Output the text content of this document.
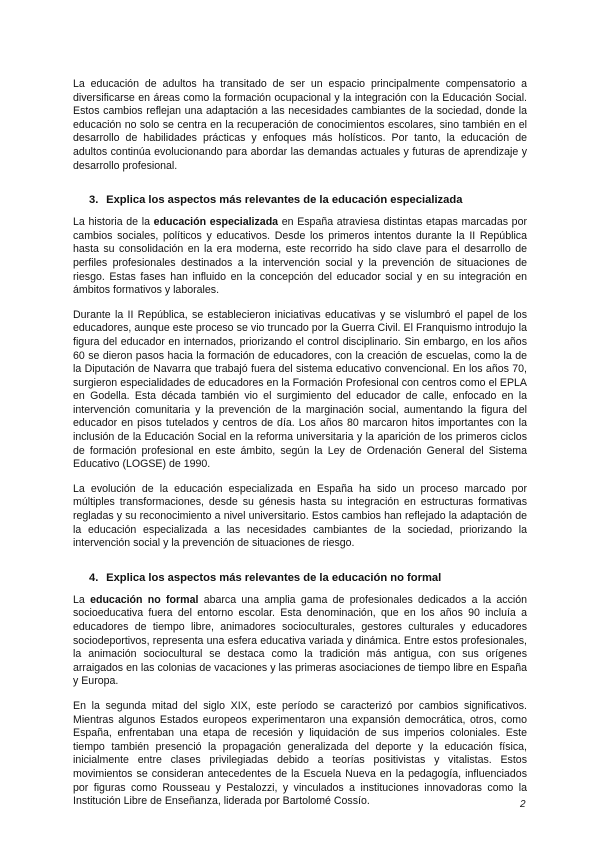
La educación de adultos ha transitado de ser un espacio principalmente compensatorio a diversificarse en áreas como la formación ocupacional y la integración con la Educación Social. Estos cambios reflejan una adaptación a las necesidades cambiantes de la sociedad, donde la educación no solo se centra en la recuperación de conocimientos escolares, sino también en el desarrollo de habilidades prácticas y enfoques más holísticos. Por tanto, la educación de adultos continúa evolucionando para abordar las demandas actuales y futuras de aprendizaje y desarrollo profesional.

3. Explica los aspectos más relevantes de la educación especializada

La historia de la educación especializada en España atraviesa distintas etapas marcadas por cambios sociales, políticos y educativos. Desde los primeros intentos durante la II República hasta su consolidación en la era moderna, este recorrido ha sido clave para el desarrollo de perfiles profesionales destinados a la intervención social y la prevención de situaciones de riesgo. Estas fases han influido en la concepción del educador social y en su integración en ámbitos formativos y laborales.

Durante la II República, se establecieron iniciativas educativas y se vislumbró el papel de los educadores, aunque este proceso se vio truncado por la Guerra Civil. El Franquismo introdujo la figura del educador en internados, priorizando el control disciplinario. Sin embargo, en los años 60 se dieron pasos hacia la formación de educadores, con la creación de escuelas, como la de la Diputación de Navarra que trabajó fuera del sistema educativo convencional. En los años 70, surgieron especialidades de educadores en la Formación Profesional con centros como el EPLA en Godella. Esta década también vio el surgimiento del educador de calle, enfocado en la intervención comunitaria y la prevención de la marginación social, aumentando la figura del educador en pisos tutelados y centros de día. Los años 80 marcaron hitos importantes con la inclusión de la Educación Social en la reforma universitaria y la aparición de los primeros ciclos de formación profesional en este ámbito, según la Ley de Ordenación General del Sistema Educativo (LOGSE) de 1990.

La evolución de la educación especializada en España ha sido un proceso marcado por múltiples transformaciones, desde su génesis hasta su integración en estructuras formativas regladas y su reconocimiento a nivel universitario. Estos cambios han reflejado la adaptación de la educación especializada a las necesidades cambiantes de la sociedad, priorizando la intervención social y la prevención de situaciones de riesgo.

4. Explica los aspectos más relevantes de la educación no formal

La educación no formal abarca una amplia gama de profesionales dedicados a la acción socioeducativa fuera del entorno escolar. Esta denominación, que en los años 90 incluía a educadores de tiempo libre, animadores socioculturales, gestores culturales y educadores sociodeportivos, representa una esfera educativa variada y dinámica. Entre estos profesionales, la animación sociocultural se destaca como la tradición más antigua, con sus orígenes arraigados en las colonias de vacaciones y las primeras asociaciones de tiempo libre en España y Europa.

En la segunda mitad del siglo XIX, este período se caracterizó por cambios significativos. Mientras algunos Estados europeos experimentaron una expansión democrática, otros, como España, enfrentaban una etapa de recesión y liquidación de sus imperios coloniales. Este tiempo también presenció la propagación generalizada del deporte y la educación física, inicialmente entre clases privilegiadas debido a teorías positivistas y vitalistas. Estos movimientos se consideran antecedentes de la Escuela Nueva en la pedagogía, influenciados por figuras como Rousseau y Pestalozzi, y vinculados a instituciones innovadoras como la Institución Libre de Enseñanza, liderada por Bartolomé Cossío.	2
